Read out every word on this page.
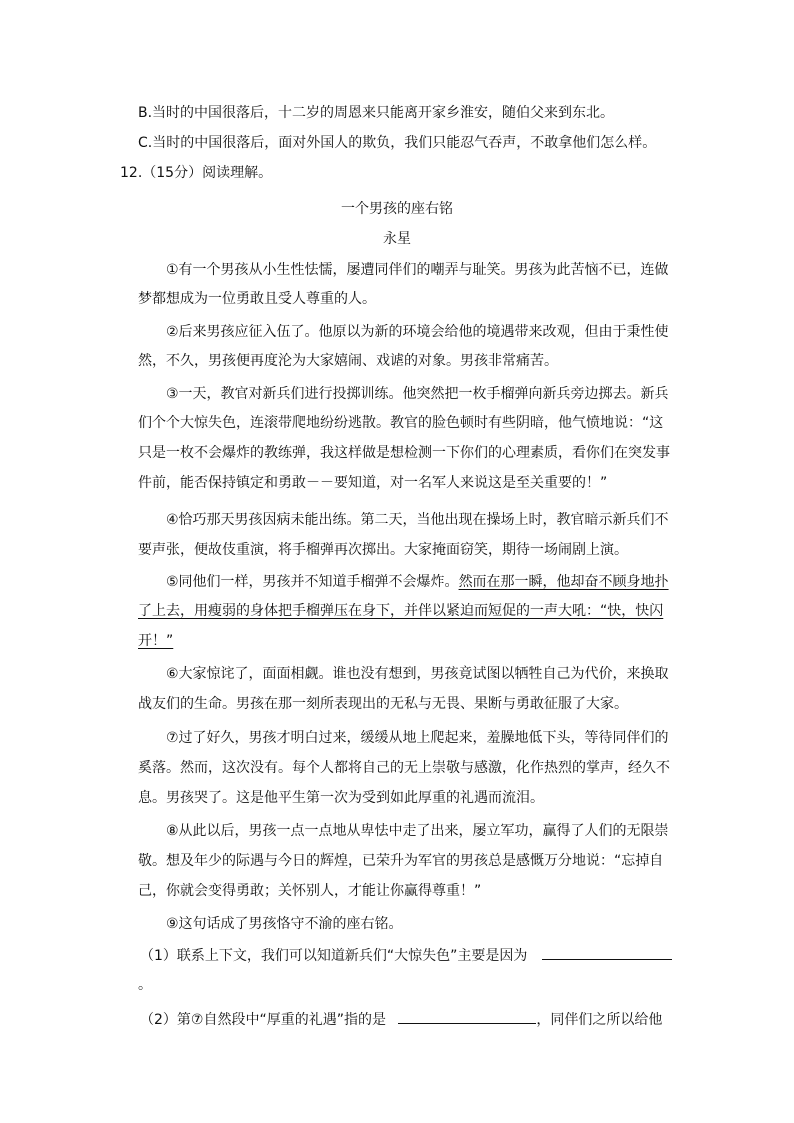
B.当时的中国很落后，十二岁的周恩来只能离开家乡淮安，随伯父来到东北。
C.当时的中国很落后，面对外国人的欺负，我们只能忍气吞声，不敢拿他们怎么样。
12.（15分）阅读理解。
一个男孩的座右铭
永星
①有一个男孩从小生性怯懦，屡遭同伴们的嘲弄与耻笑。男孩为此苦恼不已，连做
梦都想成为一位勇敢且受人尊重的人。
②后来男孩应征入伍了。他原以为新的环境会给他的境遇带来改观，但由于秉性使
然，不久，男孩便再度沦为大家嬉闹、戏谑的对象。男孩非常痛苦。
③一天，教官对新兵们进行投掷训练。他突然把一枚手榴弹向新兵旁边掷去。新兵
们个个大惊失色，连滚带爬地纷纷逃散。教官的脸色顿时有些阴暗，他气愤地说：“这
只是一枚不会爆炸的教练弹，我这样做是想检测一下你们的心理素质，看你们在突发事
件前，能否保持镇定和勇敢－－要知道，对一名军人来说这是至关重要的！”
④恰巧那天男孩因病未能出练。第二天，当他出现在操场上时，教官暗示新兵们不
要声张，便故伎重演，将手榴弹再次掷出。大家掩面窃笑，期待一场闹剧上演。
⑤同他们一样，男孩并不知道手榴弹不会爆炸。然而在那一瞬，他却奋不顾身地扑
了上去，用瘦弱的身体把手榴弹压在身下，并伴以紧迫而短促的一声大吼：“快，快闪
开！”
⑥大家惊诧了，面面相觑。谁也没有想到，男孩竟试图以牺牲自己为代价，来换取
战友们的生命。男孩在那一刻所表现出的无私与无畏、果断与勇敢征服了大家。
⑦过了好久，男孩才明白过来，缓缓从地上爬起来，羞臊地低下头，等待同伴们的
奚落。然而，这次没有。每个人都将自己的无上崇敬与感激，化作热烈的掌声，经久不
息。男孩哭了。这是他平生第一次为受到如此厚重的礼遇而流泪。
⑧从此以后，男孩一点一点地从卑怯中走了出来，屡立军功，赢得了人们的无限崇
敬。想及年少的际遇与今日的辉煌，已荣升为军官的男孩总是感慨万分地说：“忘掉自
己，你就会变得勇敢；关怀别人，才能让你赢得尊重！”
⑨这句话成了男孩恪守不渝的座右铭。
（1）联系上下文，我们可以知道新兵们“大惊失色”主要是因为
。
（2）第⑦自然段中“厚重的礼遇”指的是	，同伴们之所以给他
